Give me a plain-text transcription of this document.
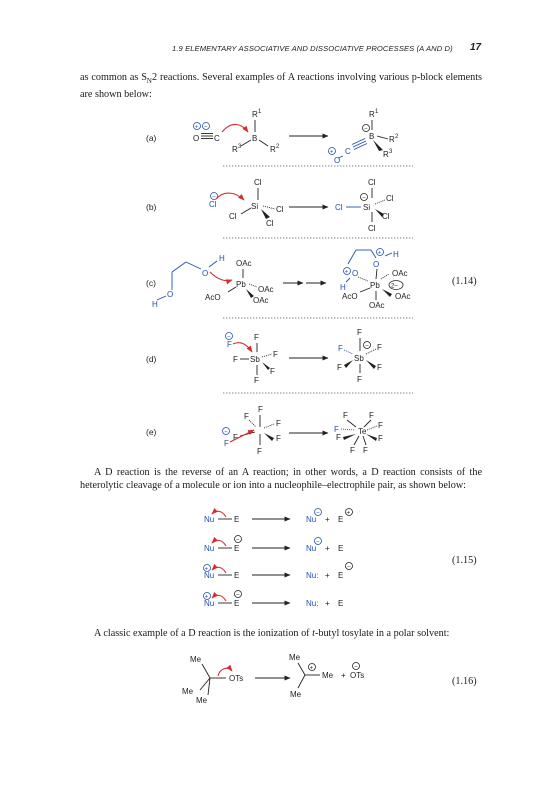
1.9 ELEMENTARY ASSOCIATIVE AND DISSOCIATIVE PROCESSES (A AND D) 17
as common as $S_N2$ reactions. Several examples of A reactions involving various p-block elements are shown below:
(a)
(b)
(c)
(d)
(e)
(1.14)
+ −
O C	B
R 1
R 3	R 2
R 1
−
B R 2
R 3
C
+
O
−
Cl
Cl
Si
Cl
Cl
Cl
Cl
−
Cl	Si
Cl
Cl
Cl
H
O
O
H
OAc
Pb
AcO
OAc
OAc
+ H
O
+ O
H	Pb
OAc
2–
AcO	OAc
OAc
−
F
F
Sb
F
F
F
F
F
−
F
Sb
F
F	F
F
F
F
F
F
F
F
−
F
F	F
F	F
Te
F	F
F F
A D reaction is the reverse of an A reaction; in other words, a D reaction consists of the heterolytic cleavage of a molecule or ion into a nucleophile–electrophile pair, as shown below:
(1.15)
Nu E	Nu
−
+ E
+
Nu E
−
Nu
−
+ E
+
Nu E	Nu: + E
−
+
Nu E
−
Nu: + E
A classic example of a D reaction is the ionization of t-butyl tosylate in a polar solvent:
(1.16)
Me
OTs
Me
Me
Me
+
Me
Me
+
−
OTs
